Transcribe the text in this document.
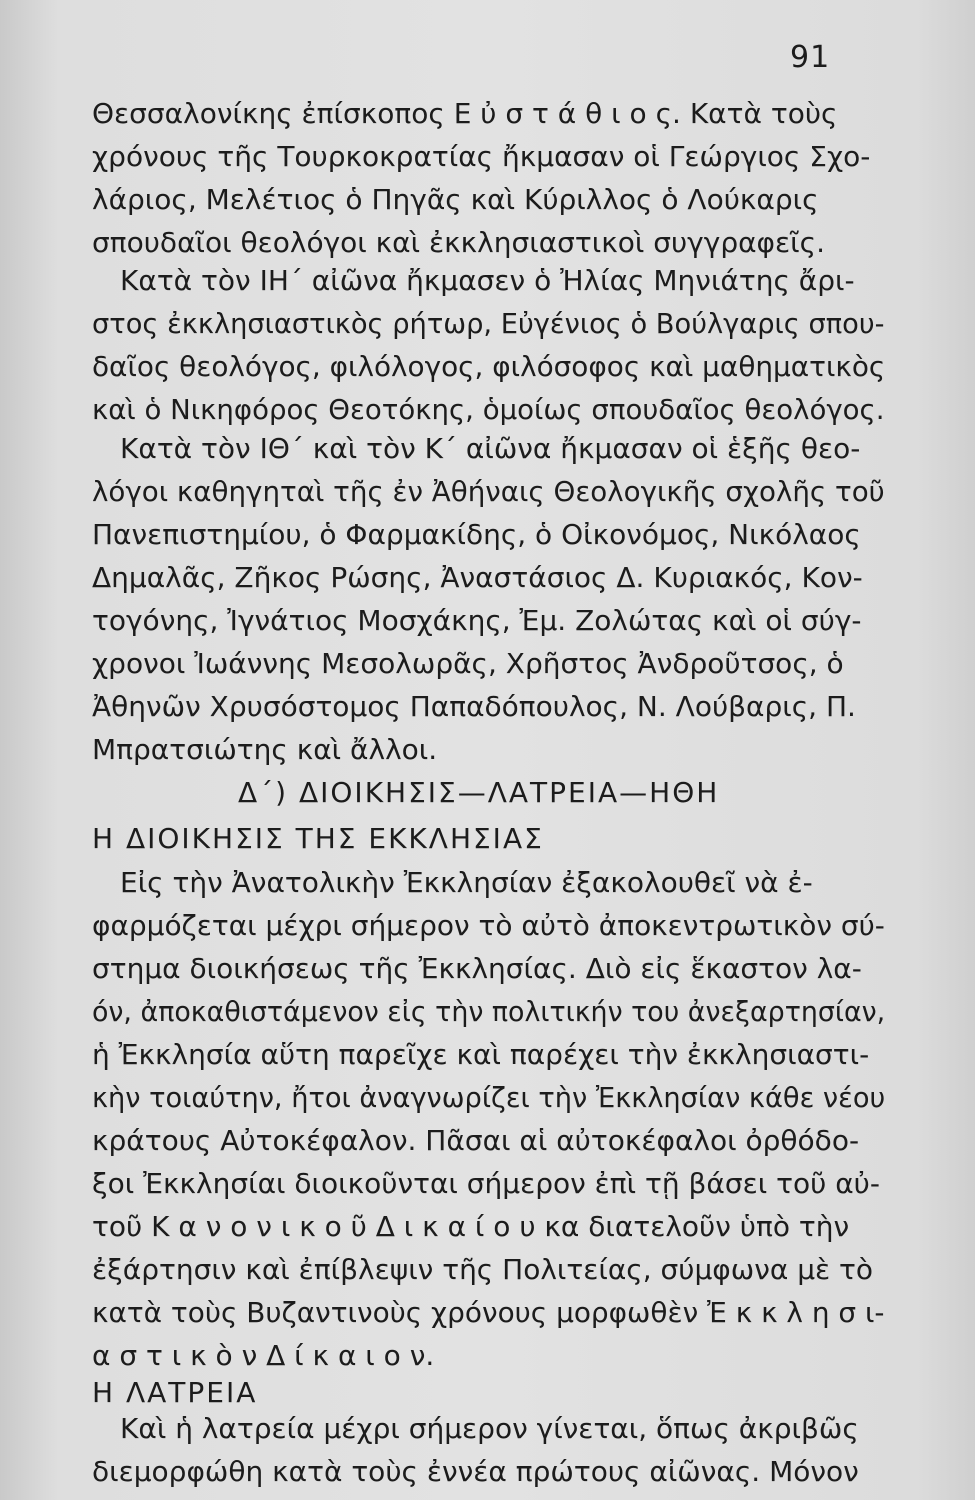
91
Θεσσαλονίκης ἐπίσκοπος Ε ὐ σ τ ά θ ι ο ς. Κατὰ τοὺς
χρόνους τῆς Τουρκοκρατίας ἤκμασαν οἱ Γεώργιος Σχο-
λάριος, Μελέτιος ὁ Πηγᾶς καὶ Κύριλλος ὁ Λούκαρις
σπουδαῖοι θεολόγοι καὶ ἐκκλησιαστικοὶ συγγραφεῖς.
Κατὰ τὸν ΙΗ΄ αἰῶνα ἤκμασεν ὁ Ἠλίας Μηνιάτης ἄρι-
στος ἐκκλησιαστικὸς ρήτωρ, Εὐγένιος ὁ Βούλγαρις σπου-
δαῖος θεολόγος, φιλόλογος, φιλόσοφος καὶ μαθηματικὸς
καὶ ὁ Νικηφόρος Θεοτόκης, ὁμοίως σπουδαῖος θεολόγος.
Κατὰ τὸν ΙΘ΄ καὶ τὸν Κ΄ αἰῶνα ἤκμασαν οἱ ἑξῆς θεο-
λόγοι καθηγηταὶ τῆς ἐν Ἀθήναις Θεολογικῆς σχολῆς τοῦ
Πανεπιστημίου, ὁ Φαρμακίδης, ὁ Οἰκονόμος, Νικόλαος
Δημαλᾶς, Ζῆκος Ρώσης, Ἀναστάσιος Δ. Κυριακός, Κον-
τογόνης, Ἰγνάτιος Μοσχάκης, Ἐμ. Ζολώτας καὶ οἱ σύγ-
χρονοι Ἰωάννης Μεσολωρᾶς, Χρῆστος Ἀνδροῦτσος, ὁ
Ἀθηνῶν Χρυσόστομος Παπαδόπουλος, Ν. Λούβαρις, Π.
Μπρατσιώτης καὶ ἄλλοι.
Δ΄) ΔΙΟΙΚΗΣΙΣ—ΛΑΤΡΕΙΑ—ΗΘΗ
Η ΔΙΟΙΚΗΣΙΣ ΤΗΣ ΕΚΚΛΗΣΙΑΣ
Εἰς τὴν Ἀνατολικὴν Ἐκκλησίαν ἐξακολουθεῖ νὰ ἐ-
φαρμόζεται μέχρι σήμερον τὸ αὐτὸ ἀποκεντρωτικὸν σύ-
στημα διοικήσεως τῆς Ἐκκλησίας. Διὸ εἰς ἕκαστον λα-
όν, ἀποκαθιστάμενον εἰς τὴν πολιτικήν του ἀνεξαρτησίαν,
ἡ Ἐκκλησία αὕτη παρεῖχε καὶ παρέχει τὴν ἐκκλησιαστι-
κὴν τοιαύτην, ἤτοι ἀναγνωρίζει τὴν Ἐκκλησίαν κάθε νέου
κράτους Αὐτοκέφαλον. Πᾶσαι αἱ αὐτοκέφαλοι ὀρθόδο-
ξοι Ἐκκλησίαι διοικοῦνται σήμερον ἐπὶ τῇ βάσει τοῦ αὐ-
τοῦ Κ α ν ο ν ι κ ο ῦ Δ ι κ α ί ο υ κα διατελοῦν ὑπὸ τὴν
ἐξάρτησιν καὶ ἐπίβλεψιν τῆς Πολιτείας, σύμφωνα μὲ τὸ
κατὰ τοὺς Βυζαντινοὺς χρόνους μορφωθὲν Ἐ κ κ λ η σ ι-
α σ τ ι κ ὸ ν Δ ί κ α ι ο ν.
Η ΛΑΤΡΕΙΑ
Καὶ ἡ λατρεία μέχρι σήμερον γίνεται, ὅπως ἀκριβῶς
διεμορφώθη κατὰ τοὺς ἐννέα πρώτους αἰῶνας. Μόνον
